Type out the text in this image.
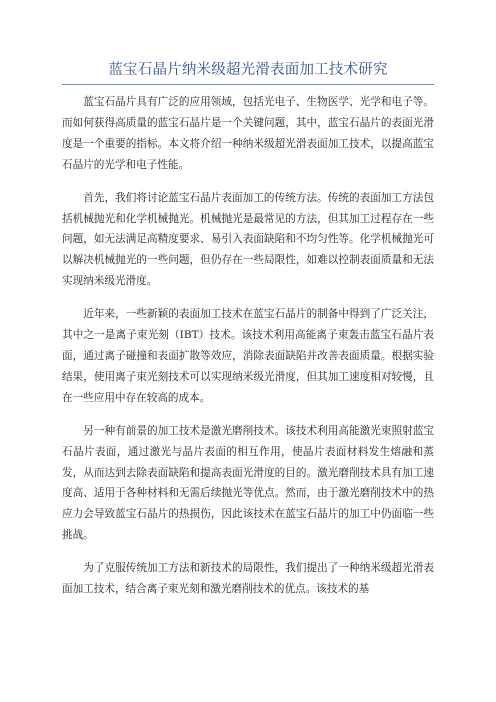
蓝宝石晶片纳米级超光滑表面加工技术研究

蓝宝石晶片具有广泛的应用领域，包括光电子、生物医学、光学和电子等。而如何获得高质量的蓝宝石晶片是一个关键问题，其中，蓝宝石晶片的表面光滑度是一个重要的指标。本文将介绍一种纳米级超光滑表面加工技术，以提高蓝宝石晶片的光学和电子性能。

首先，我们将讨论蓝宝石晶片表面加工的传统方法。传统的表面加工方法包括机械抛光和化学机械抛光。机械抛光是最常见的方法，但其加工过程存在一些问题，如无法满足高精度要求、易引入表面缺陷和不均匀性等。化学机械抛光可以解决机械抛光的一些问题，但仍存在一些局限性，如难以控制表面质量和无法实现纳米级光滑度。

近年来，一些新颖的表面加工技术在蓝宝石晶片的制备中得到了广泛关注，其中之一是离子束光刻（IBT）技术。该技术利用高能离子束轰击蓝宝石晶片表面，通过离子碰撞和表面扩散等效应，消除表面缺陷并改善表面质量。根据实验结果，使用离子束光刻技术可以实现纳米级光滑度，但其加工速度相对较慢，且在一些应用中存在较高的成本。

另一种有前景的加工技术是激光磨削技术。该技术利用高能激光束照射蓝宝石晶片表面，通过激光与晶片表面的相互作用，使晶片表面材料发生熔融和蒸发，从而达到去除表面缺陷和提高表面光滑度的目的。激光磨削技术具有加工速度高、适用于各种材料和无需后续抛光等优点。然而，由于激光磨削技术中的热应力会导致蓝宝石晶片的热损伤，因此该技术在蓝宝石晶片的加工中仍面临一些挑战。

为了克服传统加工方法和新技术的局限性，我们提出了一种纳米级超光滑表面加工技术，结合离子束光刻和激光磨削技术的优点。该技术的基
